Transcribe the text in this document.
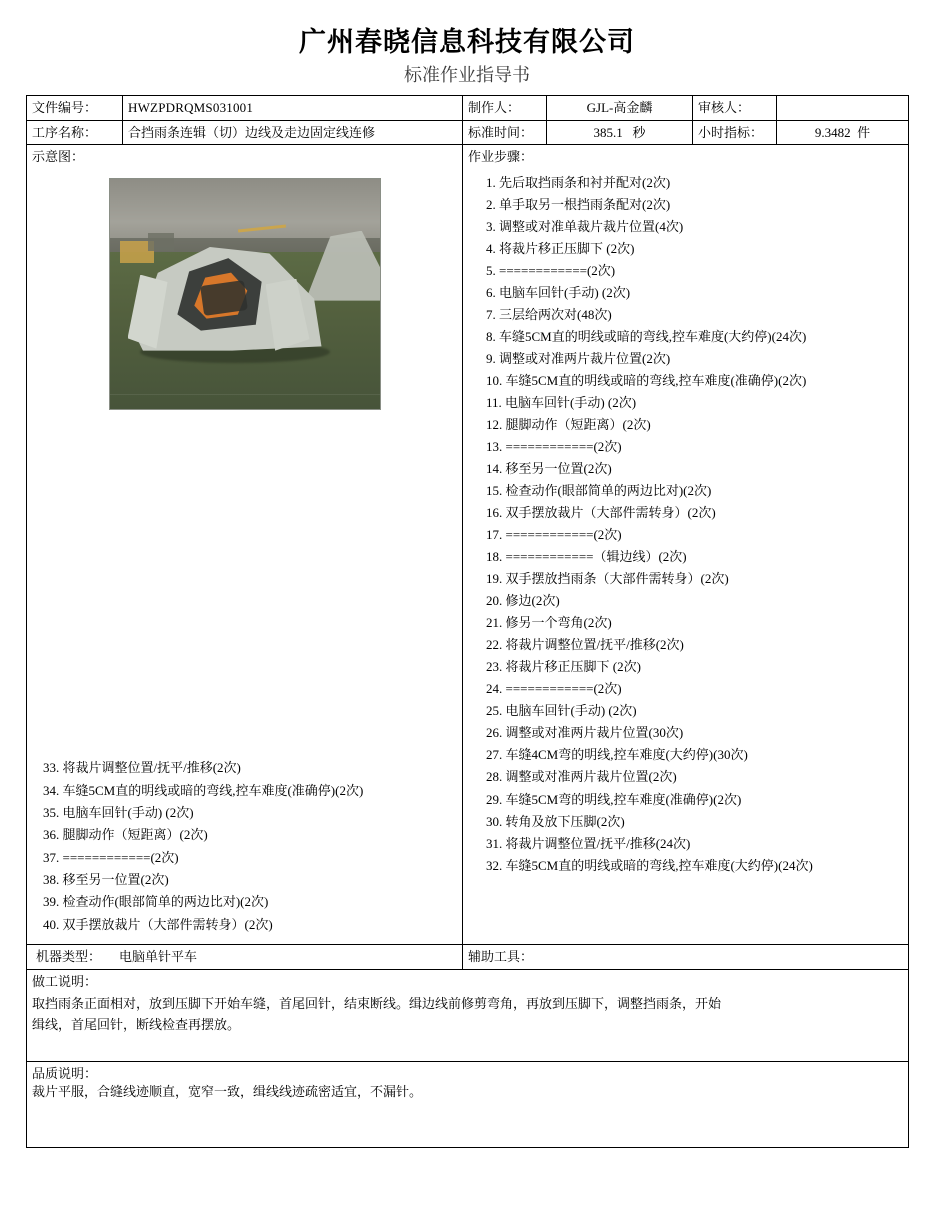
广州春晓信息科技有限公司
标准作业指导书
文件编号：	HWZPDRQMS031001	制作人：	GJL-高金麟	审核人：	
工序名称：	合挡雨条连辑（切）边线及走边固定线连修	标准时间：	385.1 秒	小时指标：	9.3482 件

示意图：
33. 将裁片调整位置/抚平/推移(2次)
34. 车缝5CM直的明线或暗的弯线,控车难度(准确停)(2次)
35. 电脑车回针(手动) (2次)
36. 腿脚动作（短距离）(2次)
37. ============(2次)
38. 移至另一位置(2次)
39. 检查动作(眼部简单的两边比对)(2次)
40. 双手摆放裁片（大部件需转身）(2次)

作业步骤：
1. 先后取挡雨条和衬并配对(2次)
2. 单手取另一根挡雨条配对(2次)
3. 调整或对准单裁片裁片位置(4次)
4. 将裁片移正压脚下 (2次)
5. ============(2次)
6. 电脑车回针(手动) (2次)
7. 三层给两次对(48次)
8. 车缝5CM直的明线或暗的弯线,控车难度(大约停)(24次)
9. 调整或对准两片裁片位置(2次)
10. 车缝5CM直的明线或暗的弯线,控车难度(准确停)(2次)
11. 电脑车回针(手动) (2次)
12. 腿脚动作（短距离）(2次)
13. ============(2次)
14. 移至另一位置(2次)
15. 检查动作(眼部简单的两边比对)(2次)
16. 双手摆放裁片（大部件需转身）(2次)
17. ============(2次)
18. ============（辑边线）(2次)
19. 双手摆放挡雨条（大部件需转身）(2次)
20. 修边(2次)
21. 修另一个弯角(2次)
22. 将裁片调整位置/抚平/推移(2次)
23. 将裁片移正压脚下 (2次)
24. ============(2次)
25. 电脑车回针(手动) (2次)
26. 调整或对准两片裁片位置(30次)
27. 车缝4CM弯的明线,控车难度(大约停)(30次)
28. 调整或对准两片裁片位置(2次)
29. 车缝5CM弯的明线,控车难度(准确停)(2次)
30. 转角及放下压脚(2次)
31. 将裁片调整位置/抚平/推移(24次)
32. 车缝5CM直的明线或暗的弯线,控车难度(大约停)(24次)

机器类型： 电脑单针平车		辅助工具：			

做工说明：
取挡雨条正面相对，放到压脚下开始车缝，首尾回针，结束断线。缉边线前修剪弯角，再放到压脚下，调整挡雨条，开始
缉线，首尾回针，断线检查再摆放。					

品质说明：
裁片平服，合缝线迹顺直，宽窄一致，缉线线迹疏密适宜，不漏针。					
